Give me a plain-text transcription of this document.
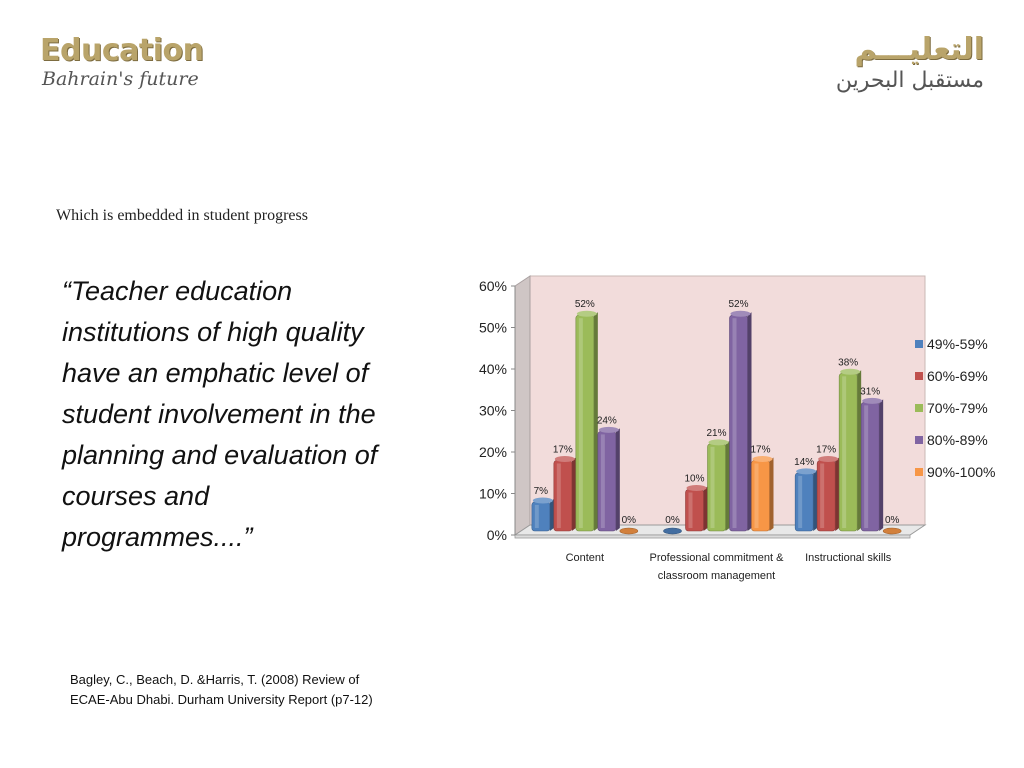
Education
Bahrain's future
التعليـــم
مستقبل البحرين
Which is embedded in student progress
“Teacher education institutions of high quality have an emphatic level of student involvement in the planning and evaluation of courses and programmes....”
Bagley, C., Beach, D. &Harris, T. (2008) Review of
ECAE-Abu Dhabi. Durham University Report (p7-12)
0%
10%
20%
30%
40%
50%
60%
7%
17%
52%
24%
0%
Content
0%
10%
21%
52%
17%
Professional commitment &
classroom management
14%
17%
38%
31%
0%
Instructional skills
49%-59%
60%-69%
70%-79%
80%-89%
90%-100%
